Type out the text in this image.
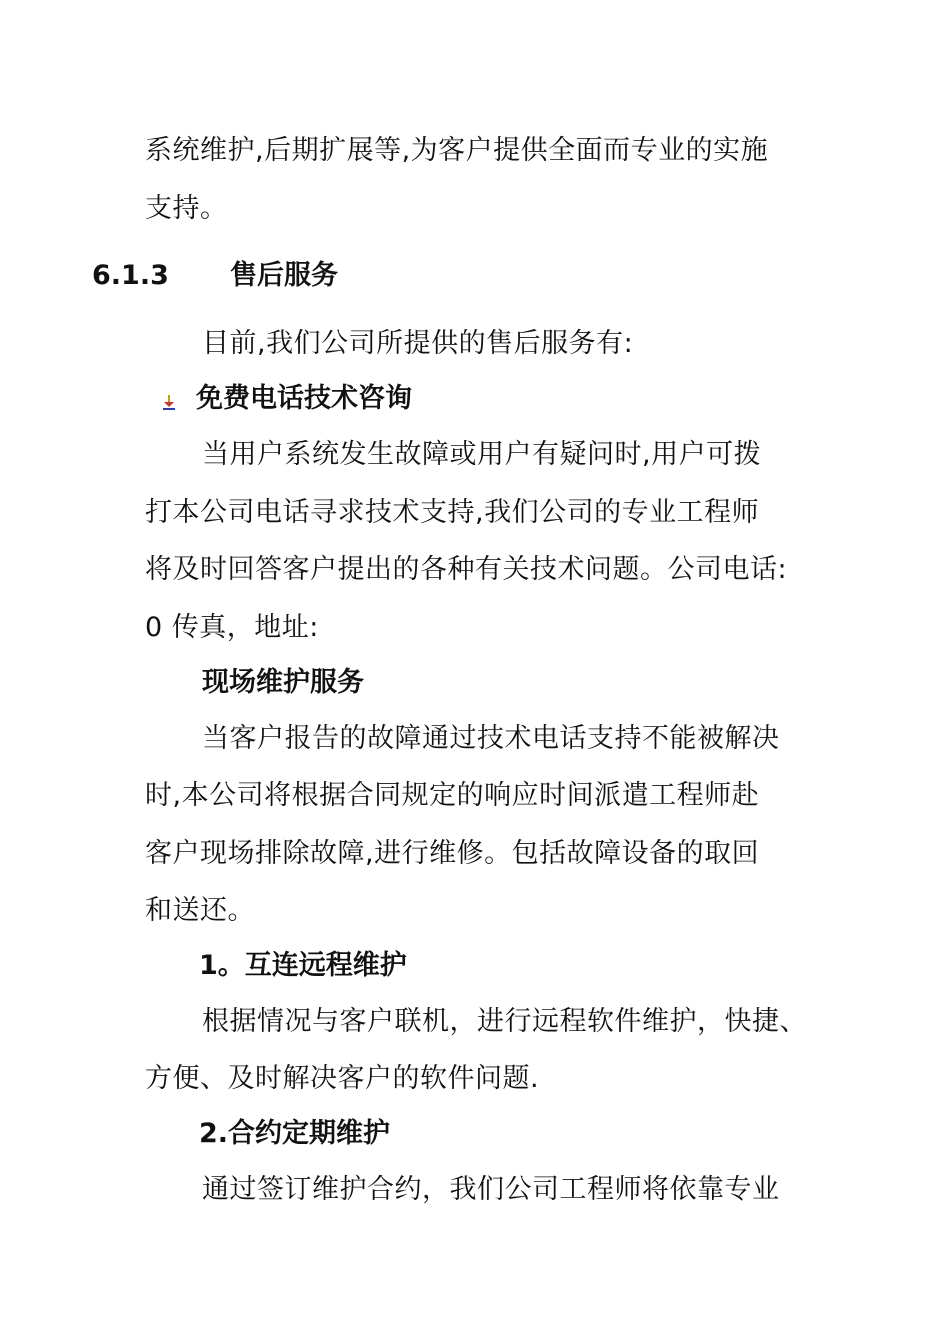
系统维护,后期扩展等,为客户提供全面而专业的实施
支持。
6.1.3 售后服务
目前,我们公司所提供的售后服务有:
免费电话技术咨询
当用户系统发生故障或用户有疑问时,用户可拨
打本公司电话寻求技术支持,我们公司的专业工程师
将及时回答客户提出的各种有关技术问题。公司电话:
0 传真，地址:
现场维护服务
当客户报告的故障通过技术电话支持不能被解决
时,本公司将根据合同规定的响应时间派遣工程师赴
客户现场排除故障,进行维修。包括故障设备的取回
和送还。
1。互连远程维护
根据情况与客户联机，进行远程软件维护，快捷、
方便、及时解决客户的软件问题.
2.合约定期维护
通过签订维护合约，我们公司工程师将依靠专业
